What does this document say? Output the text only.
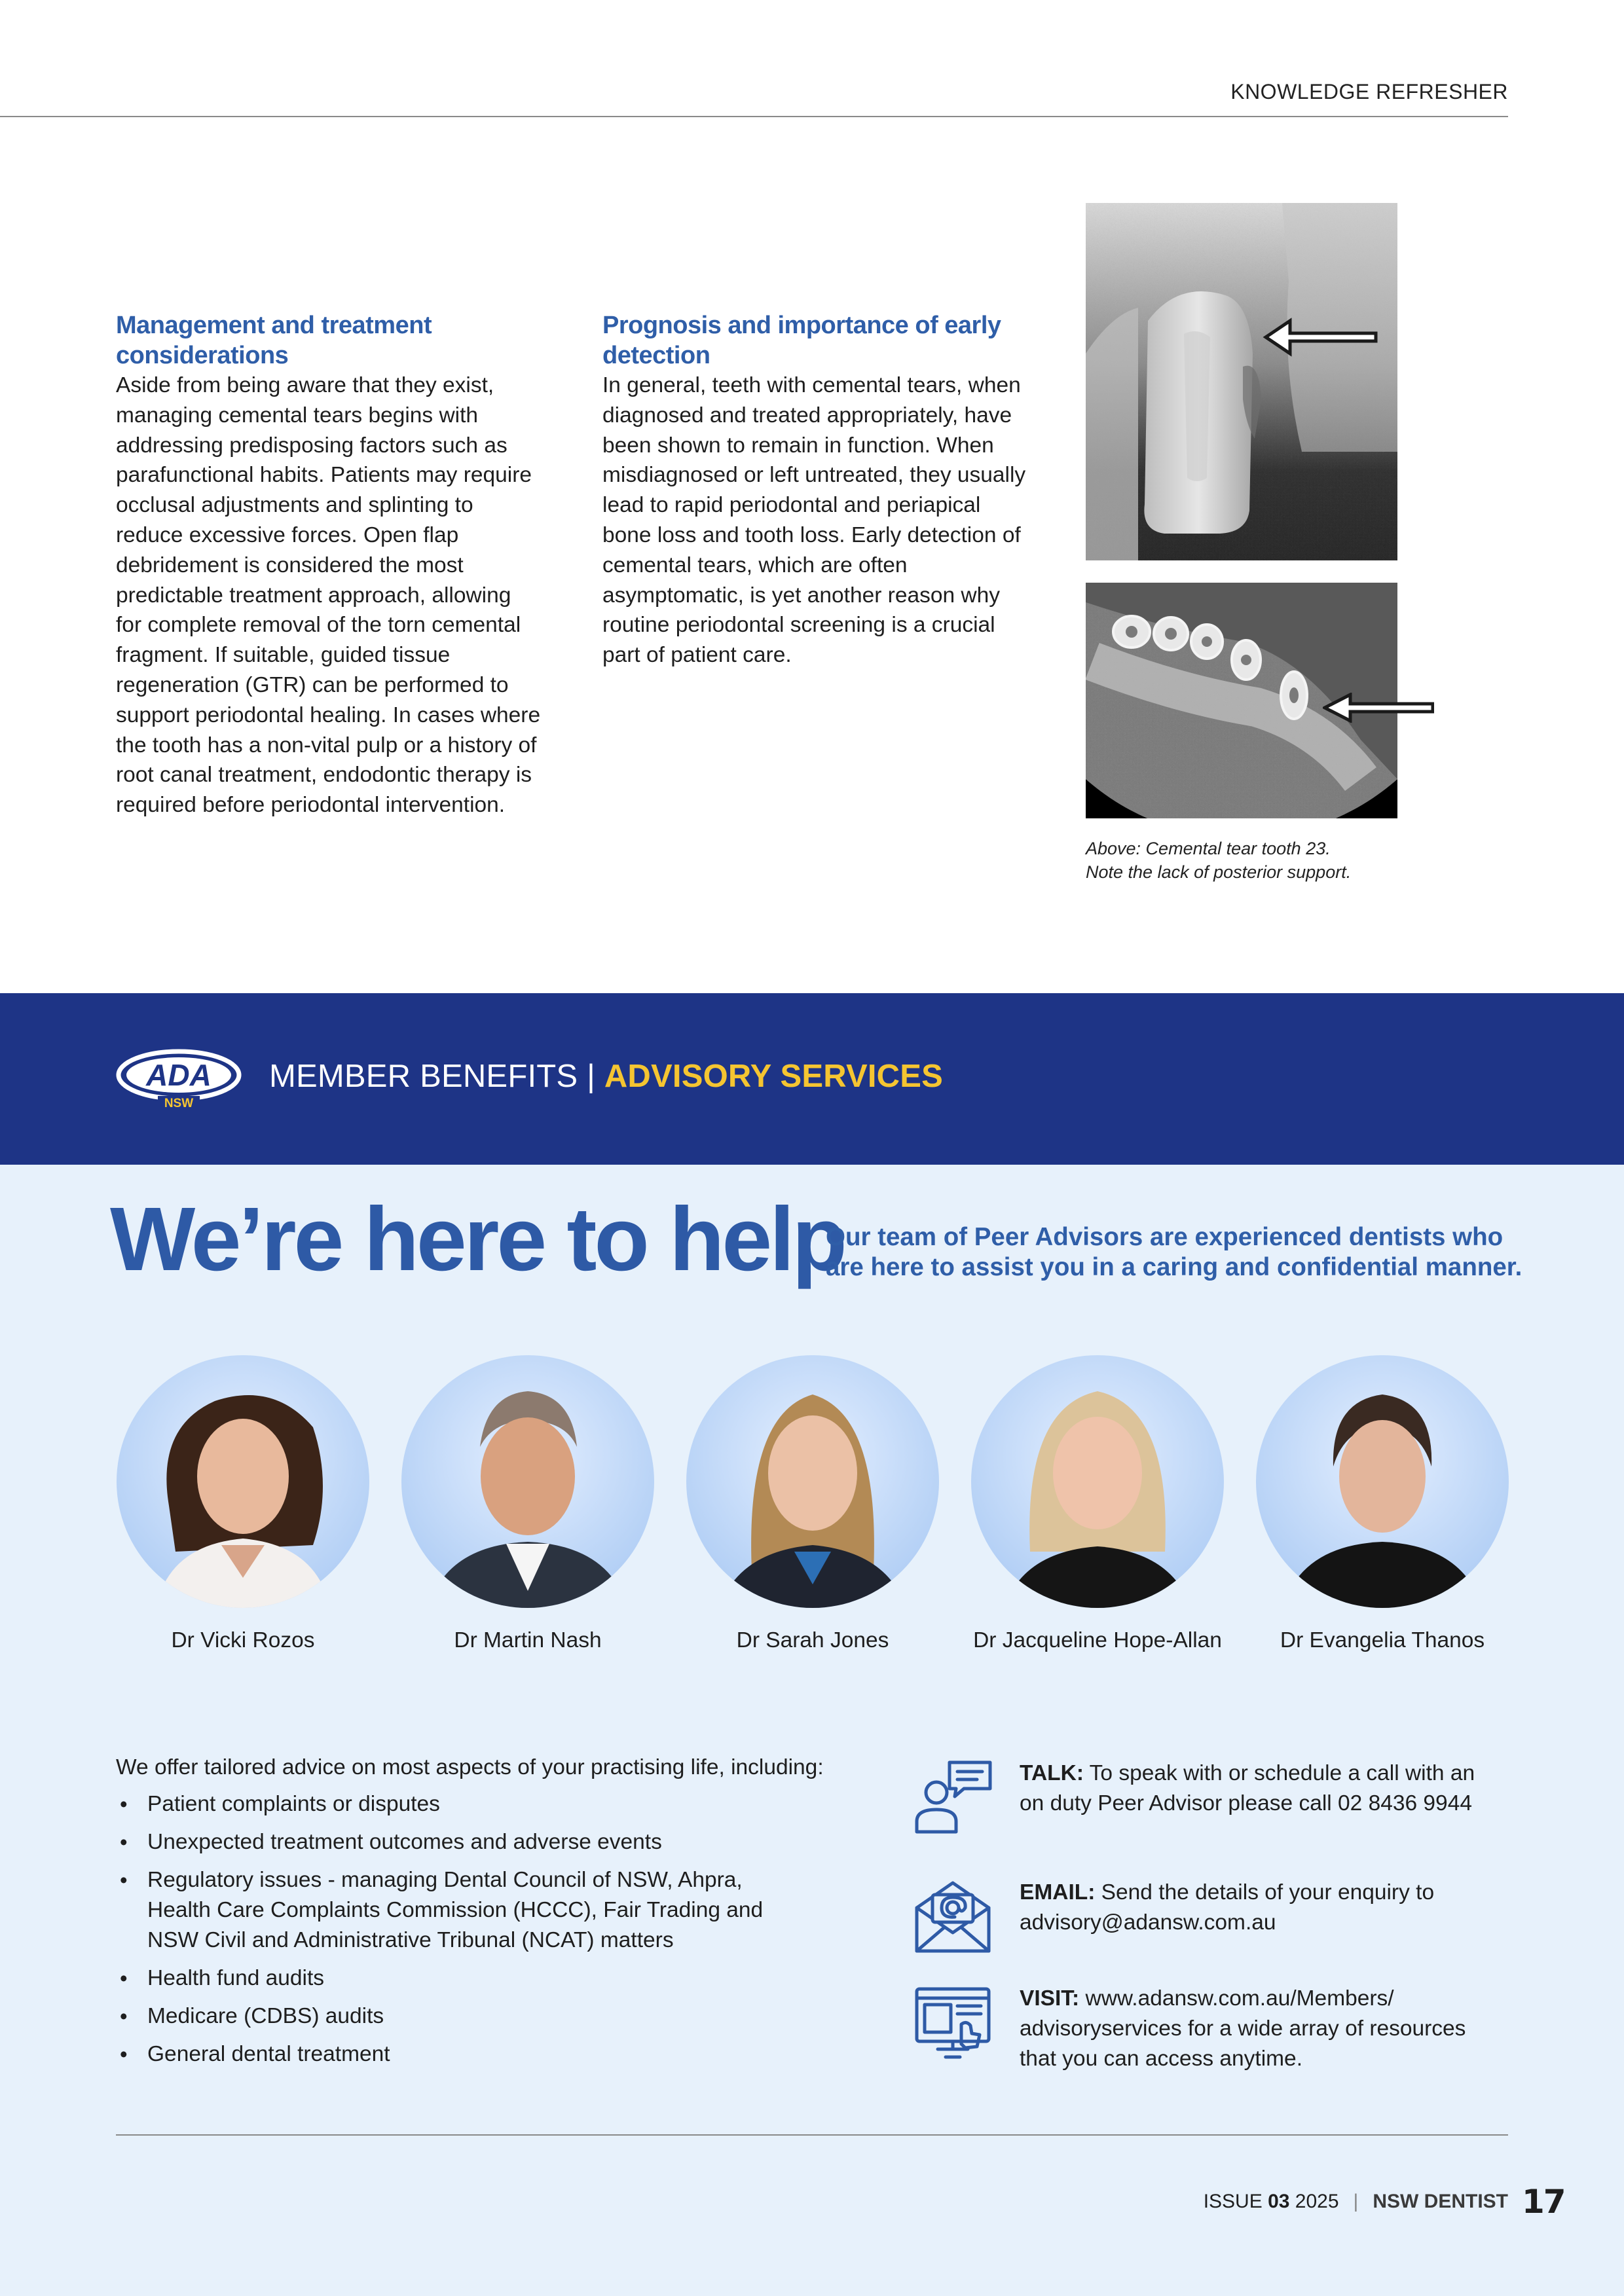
KNOWLEDGE REFRESHER
Management and treatment considerations

Aside from being aware that they exist, managing cemental tears begins with addressing predisposing factors such as parafunctional habits. Patients may require occlusal adjustments and splinting to reduce excessive forces. Open flap debridement is considered the most predictable treatment approach, allowing for complete removal of the torn cemental fragment. If suitable, guided tissue regeneration (GTR) can be performed to support periodontal healing. In cases where the tooth has a non-vital pulp or a history of root canal treatment, endodontic therapy is required before periodontal intervention.

Prognosis and importance of early detection

In general, teeth with cemental tears, when diagnosed and treated appropriately, have been shown to remain in function. When misdiagnosed or left untreated, they usually lead to rapid periodontal and periapical bone loss and tooth loss. Early detection of cemental tears, which are often asymptomatic, is yet another reason why routine periodontal screening is a crucial part of patient care.

Above: Cemental tear tooth 23.
Note the lack of posterior support.
ADA
NSW
MEMBER BENEFITS | ADVISORY SERVICES
We’re here to help
Our team of Peer Advisors are experienced dentists who are here to assist you in a caring and confidential manner.
Dr Vicki Rozos	Dr Martin Nash	Dr Sarah Jones	Dr Jacqueline Hope-Allan	Dr Evangelia Thanos
We offer tailored advice on most aspects of your practising life, including:
• Patient complaints or disputes
• Unexpected treatment outcomes and adverse events
• Regulatory issues - managing Dental Council of NSW, Ahpra, Health Care Complaints Commission (HCCC), Fair Trading and NSW Civil and Administrative Tribunal (NCAT) matters
• Health fund audits
• Medicare (CDBS) audits
• General dental treatment
TALK: To speak with or schedule a call with an on duty Peer Advisor please call 02 8436 9944
EMAIL: Send the details of your enquiry to advisory@adansw.com.au
VISIT: www.adansw.com.au/Members/ advisoryservices for a wide array of resources that you can access anytime.
ISSUE 03 2025 | NSW DENTIST 17
